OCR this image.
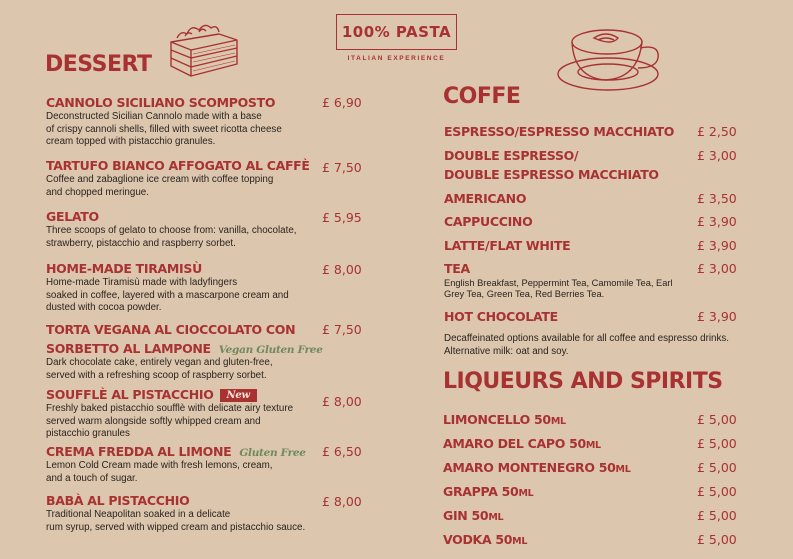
100% PASTA
ITALIAN EXPERIENCE
DESSERT
CANNOLO SICILIANO SCOMPOSTO
Deconstructed Sicilian Cannolo made with a base
of crispy cannoli shells, filled with sweet ricotta cheese
cream topped with pistacchio granules.
£ 6,90
TARTUFO BIANCO AFFOGATO AL CAFFÈ
Coffee and zabaglione ice cream with coffee topping
and chopped meringue.
£ 7,50
GELATO
Three scoops of gelato to choose from: vanilla, chocolate,
strawberry, pistacchio and raspberry sorbet.
£ 5,95
HOME-MADE TIRAMISÙ
Home-made Tiramisù made with ladyfingers
soaked in coffee, layered with a mascarpone cream and
dusted with cocoa powder.
£ 8,00
TORTA VEGANA AL CIOCCOLATO CON
SORBETTO AL LAMPONE Vegan Gluten Free
Dark chocolate cake, entirely vegan and gluten-free,
served with a refreshing scoop of raspberry sorbet.
£ 7,50
SOUFFLÈ AL PISTACCHIO New
Freshly baked pistacchio soufflè with delicate airy texture
served warm alongside softly whipped cream and
pistacchio granules
£ 8,00
CREMA FREDDA AL LIMONE Gluten Free
Lemon Cold Cream made with fresh lemons, cream,
and a touch of sugar.
£ 6,50
BABÀ AL PISTACCHIO
Traditional Neapolitan soaked in a delicate
rum syrup, served with wipped cream and pistacchio sauce.
£ 8,00
COFFE
ESPRESSO/ESPRESSO MACCHIATO £ 2,50
DOUBLE ESPRESSO/
DOUBLE ESPRESSO MACCHIATO
£ 3,00
AMERICANO	£ 3,50
CAPPUCCINO	£ 3,90
LATTE/FLAT WHITE	£ 3,90
TEA
English Breakfast, Peppermint Tea, Camomile Tea, Earl
Grey Tea, Green Tea, Red Berries Tea.
£ 3,00
HOT CHOCOLATE	£ 3,90
Decaffeinated options available for all coffee and espresso drinks.
Alternative milk: oat and soy.
LIQUEURS AND SPIRITS
LIMONCELLO 50ML	£ 5,00
AMARO DEL CAPO 50ML	£ 5,00
AMARO MONTENEGRO 50ML	£ 5,00
GRAPPA 50ML	£ 5,00
GIN 50ML	£ 5,00
VODKA 50ML	£ 5,00
